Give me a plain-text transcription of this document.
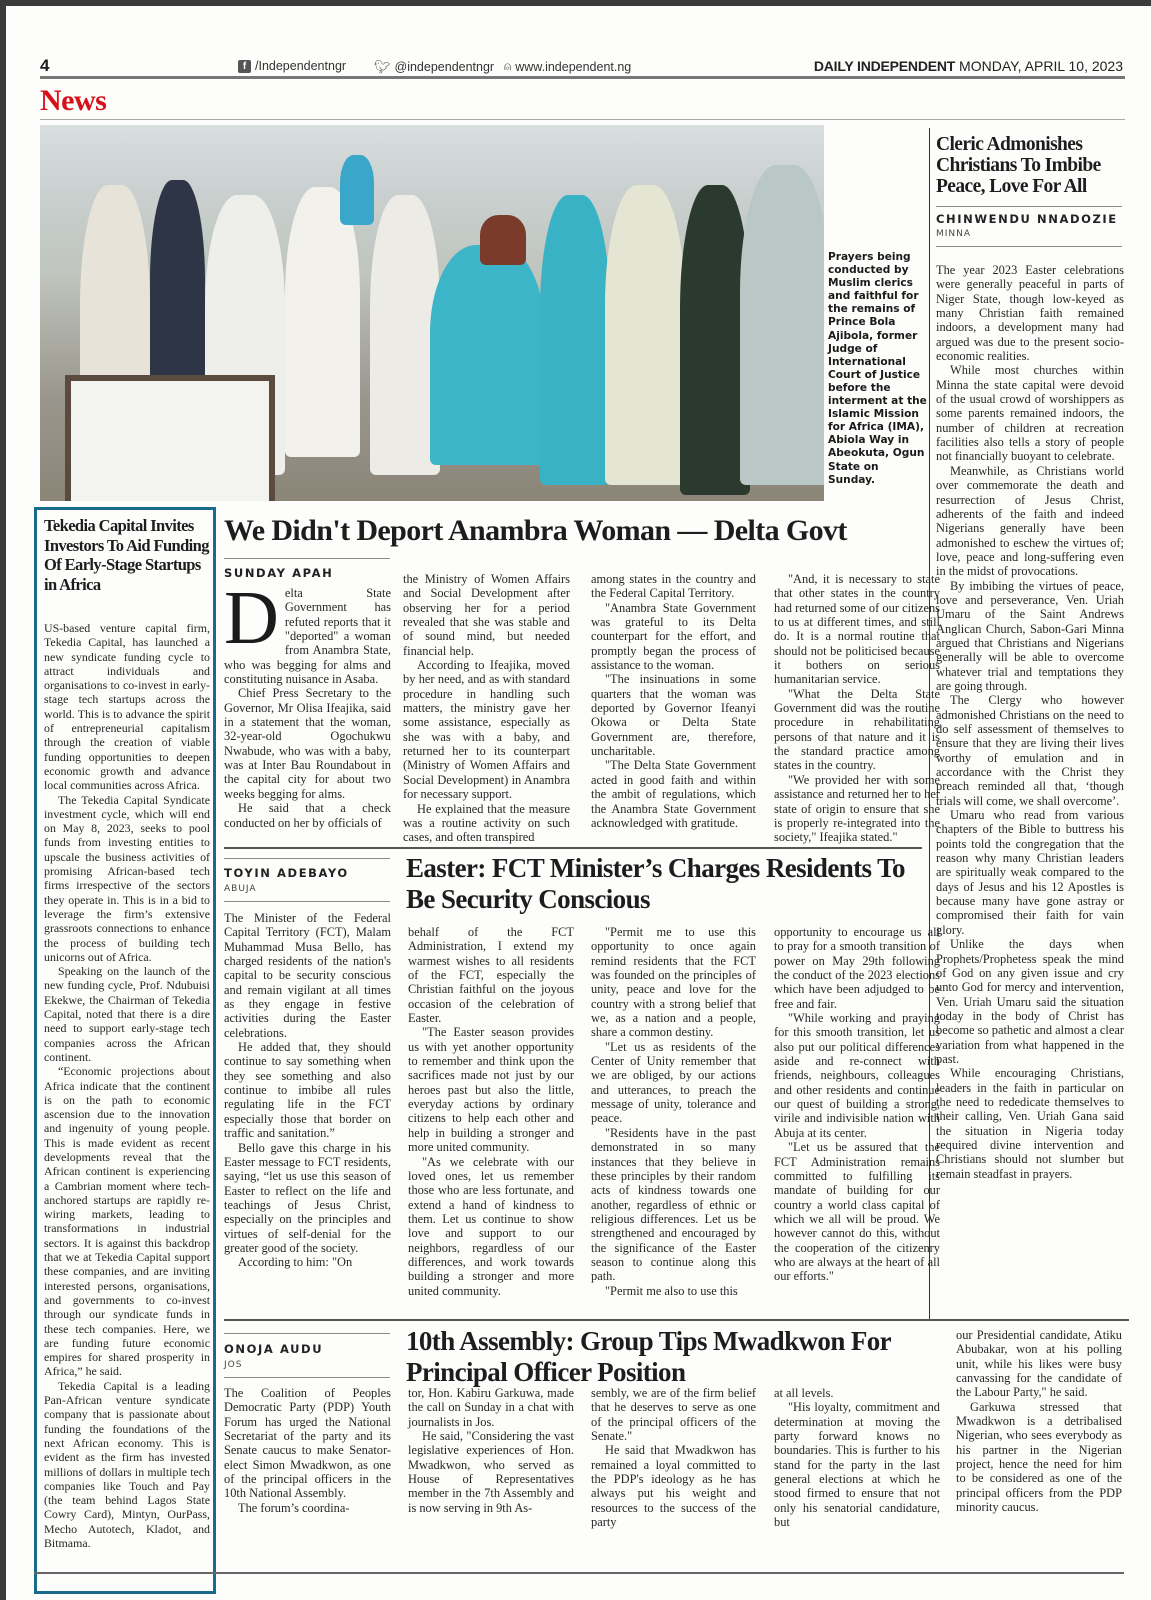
4	f /Independentngr 🐦︎ @independentngr ⍝ www.independent.ng	DAILY INDEPENDENT MONDAY, APRIL 10, 2023
News
Prayers being conducted by Muslim clerics and faithful for the remains of Prince Bola Ajibola, former Judge of International Court of Justice before the interment at the Islamic Mission for Africa (IMA), Abiola Way in Abeokuta, Ogun State on Sunday.
Cleric Admonishes Christians To Imbibe Peace, Love For All
CHINWENDU NNADOZIE
MINNA

The year 2023 Easter celebrations were generally peaceful in parts of Niger State, though low-keyed as many Christian faith remained indoors, a development many had argued was due to the present socio-economic realities.

While most churches within Minna the state capital were devoid of the usual crowd of worshippers as some parents remained indoors, the number of children at recreation facilities also tells a story of people not financially buoyant to celebrate.

Meanwhile, as Christians world over commemorate the death and resurrection of Jesus Christ, adherents of the faith and indeed Nigerians generally have been admonished to eschew the virtues of; love, peace and long-suffering even in the midst of provocations.

By imbibing the virtues of peace, love and perseverance, Ven. Uriah Umaru of the Saint Andrews Anglican Church, Sabon-Gari Minna argued that Christians and Nigerians generally will be able to overcome whatever trial and temptations they are going through.

The Clergy who however admonished Christians on the need to do self assessment of themselves to ensure that they are living their lives worthy of emulation and in accordance with the Christ they preach reminded all that, ‘though trials will come, we shall overcome’.

Umaru who read from various chapters of the Bible to buttress his points told the congregation that the reason why many Christian leaders are spiritually weak compared to the days of Jesus and his 12 Apostles is because many have gone astray or compromised their faith for vain glory.

Unlike the days when Prophets/Prophetess speak the mind of God on any given issue and cry unto God for mercy and intervention, Ven. Uriah Umaru said the situation today in the body of Christ has become so pathetic and almost a clear variation from what happened in the past.

While encouraging Christians, leaders in the faith in particular on the need to rededicate themselves to their calling, Ven. Uriah Gana said the situation in Nigeria today required divine intervention and Christians should not slumber but remain steadfast in prayers.

Tekedia Capital Invites Investors To Aid Funding Of Early-Stage Startups in Africa

US-based venture capital firm, Tekedia Capital, has launched a new syndicate funding cycle to attract individuals and organisations to co-invest in early-stage tech startups across the world. This is to advance the spirit of entrepreneurial capitalism through the creation of viable funding opportunities to deepen economic growth and advance local communities across Africa.

The Tekedia Capital Syndicate investment cycle, which will end on May 8, 2023, seeks to pool funds from investing entities to upscale the business activities of promising African-based tech firms irrespective of the sectors they operate in. This is in a bid to leverage the firm’s extensive grassroots connections to enhance the process of building tech unicorns out of Africa.

Speaking on the launch of the new funding cycle, Prof. Ndubuisi Ekekwe, the Chairman of Tekedia Capital, noted that there is a dire need to support early-stage tech companies across the African continent.

“Economic projections about Africa indicate that the continent is on the path to economic ascension due to the innovation and ingenuity of young people. This is made evident as recent developments reveal that the African continent is experiencing a Cambrian moment where tech-anchored startups are rapidly re-wiring markets, leading to transformations in industrial sectors. It is against this backdrop that we at Tekedia Capital support these companies, and are inviting interested persons, organisations, and governments to co-invest through our syndicate funds in these tech companies. Here, we are funding future economic empires for shared prosperity in Africa,” he said.

Tekedia Capital is a leading Pan-African venture syndicate company that is passionate about funding the foundations of the next African economy. This is evident as the firm has invested millions of dollars in multiple tech companies like Touch and Pay (the team behind Lagos State Cowry Card), Mintyn, OurPass, Mecho Autotech, Kladot, and Bitmama.

We Didn't Deport Anambra Woman — Delta Govt
SUNDAY APAH
D elta State Government has refuted reports that it "deported" a woman from Anambra State, who was begging for alms and constituting nuisance in Asaba.

Chief Press Secretary to the Governor, Mr Olisa Ifeajika, said in a statement that the woman, 32-year-old Ogochukwu Nwabude, who was with a baby, was at Inter Bau Roundabout in the capital city for about two weeks begging for alms.

He said that a check conducted on her by officials of

the Ministry of Women Affairs and Social Development after observing her for a period revealed that she was stable and of sound mind, but needed financial help.

According to Ifeajika, moved by her need, and as with standard procedure in handling such matters, the ministry gave her some assistance, especially as she was with a baby, and returned her to its counterpart (Ministry of Women Affairs and Social Development) in Anambra for necessary support.

He explained that the measure was a routine activity on such cases, and often transpired

among states in the country and the Federal Capital Territory.

"Anambra State Government was grateful to its Delta counterpart for the effort, and promptly began the process of assistance to the woman.

"The insinuations in some quarters that the woman was deported by Governor Ifeanyi Okowa or Delta State Government are, therefore, uncharitable.

"The Delta State Government acted in good faith and within the ambit of regulations, which the Anambra State Government acknowledged with gratitude.

"And, it is necessary to state that other states in the country had returned some of our citizens to us at different times, and still do. It is a normal routine that should not be politicised because it bothers on serious humanitarian service.

"What the Delta State Government did was the routine procedure in rehabilitating persons of that nature and it is the standard practice among states in the country.

"We provided her with some assistance and returned her to her state of origin to ensure that she is properly re-integrated into the society," Ifeajika stated."

TOYIN ADEBAYO
ABUJA
Easter: FCT Minister’s Charges Residents To Be Security Conscious

The Minister of the Federal Capital Territory (FCT), Malam Muhammad Musa Bello, has charged residents of the nation's capital to be security conscious and remain vigilant at all times as they engage in festive activities during the Easter celebrations.

He added that, they should continue to say something when they see something and also continue to imbibe all rules regulating life in the FCT especially those that border on traffic and sanitation.”

Bello gave this charge in his Easter message to FCT residents, saying, “let us use this season of Easter to reflect on the life and teachings of Jesus Christ, especially on the principles and virtues of self-denial for the greater good of the society.

According to him: "On

behalf of the FCT Administration, I extend my warmest wishes to all residents of the FCT, especially the Christian faithful on the joyous occasion of the celebration of Easter.

"The Easter season provides us with yet another opportunity to remember and think upon the sacrifices made not just by our heroes past but also the little, everyday actions by ordinary citizens to help each other and help in building a stronger and more united community.

"As we celebrate with our loved ones, let us remember those who are less fortunate, and extend a hand of kindness to them. Let us continue to show love and support to our neighbors, regardless of our differences, and work towards building a stronger and more united community.

"Permit me to use this opportunity to once again remind residents that the FCT was founded on the principles of unity, peace and love for the country with a strong belief that we, as a nation and a people, share a common destiny.

"Let us as residents of the Center of Unity remember that we are obliged, by our actions and utterances, to preach the message of unity, tolerance and peace.

"Residents have in the past demonstrated in so many instances that they believe in these principles by their random acts of kindness towards one another, regardless of ethnic or religious differences. Let us be strengthened and encouraged by the significance of the Easter season to continue along this path.

"Permit me also to use this

opportunity to encourage us all to pray for a smooth transition of power on May 29th following the conduct of the 2023 elections which have been adjudged to be free and fair.

"While working and praying for this smooth transition, let us also put our political differences aside and re-connect with friends, neighbours, colleagues and other residents and continue our quest of building a strong, virile and indivisible nation with Abuja at its center.

"Let us be assured that the FCT Administration remains committed to fulfilling its mandate of building for our country a world class capital of which we all will be proud. We however cannot do this, without the cooperation of the citizenry who are always at the heart of all our efforts."

ONOJA AUDU
JOS
10th Assembly: Group Tips Mwadkwon For Principal Officer Position

The Coalition of Peoples Democratic Party (PDP) Youth Forum has urged the National Secretariat of the party and its Senate caucus to make Senator-elect Simon Mwadkwon, as one of the principal officers in the 10th National Assembly.

The forum’s coordina-

tor, Hon. Kabiru Garkuwa, made the call on Sunday in a chat with journalists in Jos.

He said, "Considering the vast legislative experiences of Hon. Mwadkwon, who served as House of Representatives member in the 7th Assembly and is now serving in 9th As-

sembly, we are of the firm belief that he deserves to serve as one of the principal officers of the Senate."

He said that Mwadkwon has remained a loyal committed to the PDP's ideology as he has always put his weight and resources to the success of the party

at all levels.

"His loyalty, commitment and determination at moving the party forward knows no boundaries. This is further to his stand for the party in the last general elections at which he stood firmed to ensure that not only his senatorial candidature, but

our Presidential candidate, Atiku Abubakar, won at his polling unit, while his likes were busy canvassing for the candidate of the Labour Party," he said.

Garkuwa stressed that Mwadkwon is a detribalised Nigerian, who sees everybody as his partner in the Nigerian project, hence the need for him to be considered as one of the principal officers from the PDP minority caucus.
